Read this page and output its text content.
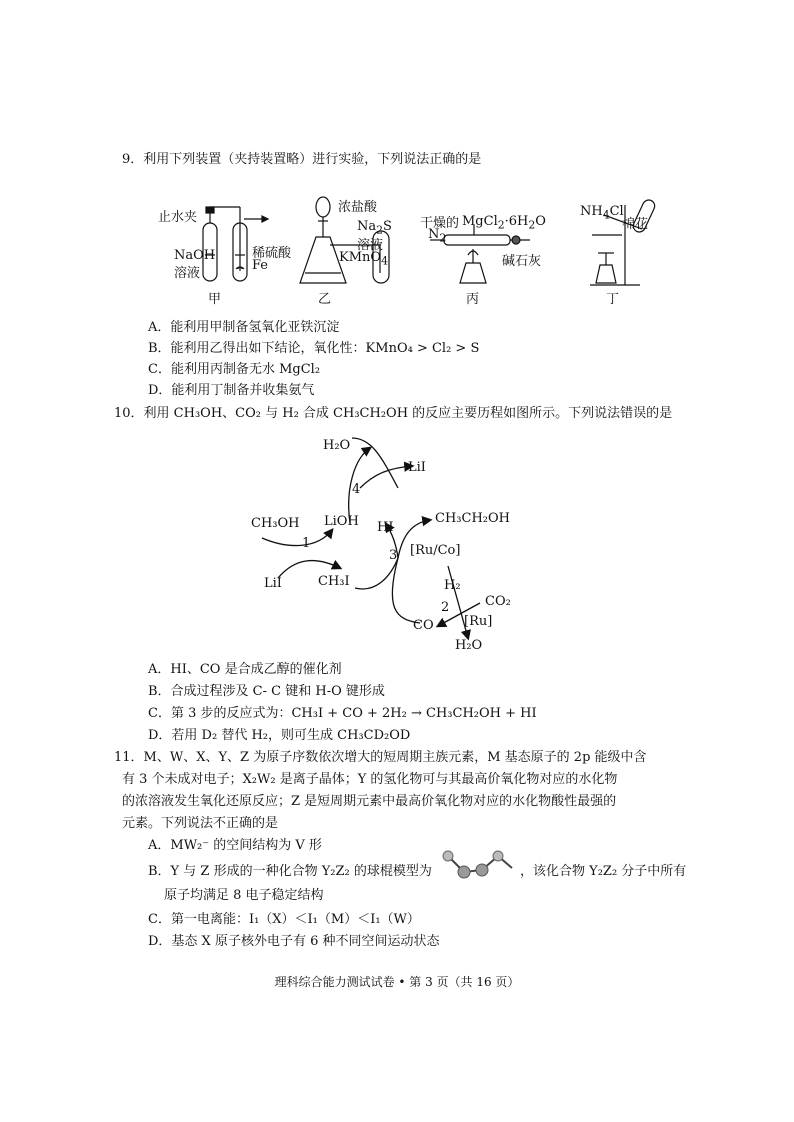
9．利用下列装置（夹持装置略）进行实验，下列说法正确的是
止水夹
NaOH
溶液
稀硫酸
Fe
甲
浓盐酸
$Na_2S$
溶液
KMnO$_4$
乙
干燥的
$N_2$
$MgCl_2\cdot 6H_2O$
碱石灰
丙
$NH_4Cl$
棉花
丁
A．能利用甲制备氢氧化亚铁沉淀
B．能利用乙得出如下结论，氧化性：KMnO₄ > Cl₂ > S
C．能利用丙制备无水 MgCl₂
D．能利用丁制备并收集氨气
10．利用 CH₃OH、CO₂ 与 H₂ 合成 CH₃CH₂OH 的反应主要历程如图所示。下列说法错误的是
H₂O
LiI
4
CH₃OH LiOH HI
CH₃CH₂OH
1
3 [Ru/Co]
LiI	CH₃I	H₂
CO₂
2
CO [Ru]
H₂O
A．HI、CO 是合成乙醇的催化剂
B．合成过程涉及 C- C 键和 H-O 键形成
C．第 3 步的反应式为：CH₃I + CO + 2H₂ → CH₃CH₂OH + HI
D．若用 D₂ 替代 H₂，则可生成 CH₃CD₂OD
11．M、W、X、Y、Z 为原子序数依次增大的短周期主族元素，M 基态原子的 2p 能级中含
有 3 个未成对电子；X₂W₂ 是离子晶体；Y 的氢化物可与其最高价氧化物对应的水化物
的浓溶液发生氧化还原反应；Z 是短周期元素中最高价氧化物对应的水化物酸性最强的
元素。下列说法不正确的是
A．MW₂⁻ 的空间结构为 V 形
B．Y 与 Z 形成的一种化合物 Y₂Z₂ 的球棍模型为	，该化合物 Y₂Z₂ 分子中所有
原子均满足 8 电子稳定结构
C．第一电离能：I₁（X）＜I₁（M）＜I₁（W）
D．基态 X 原子核外电子有 6 种不同空间运动状态
理科综合能力测试试卷 • 第 3 页（共 16 页）
